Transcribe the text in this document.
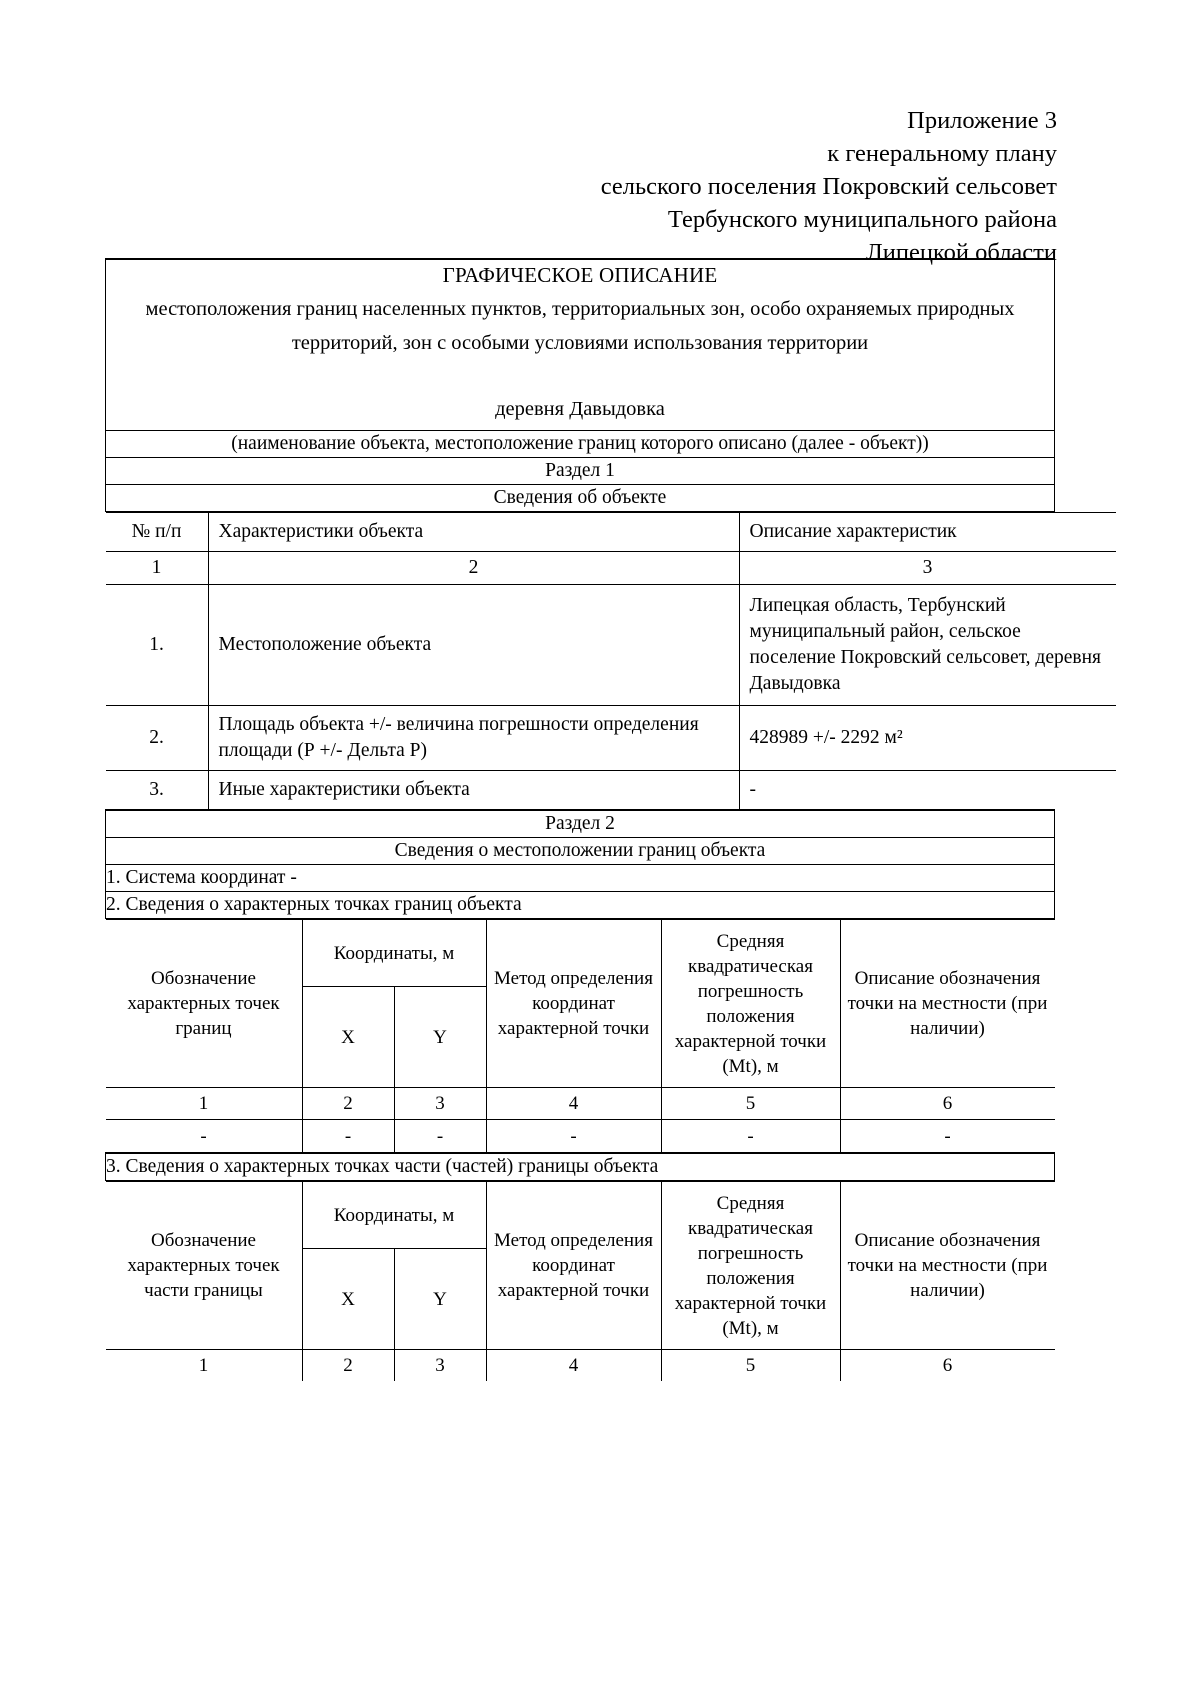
Приложение 3
к генеральному плану
сельского поселения Покровский сельсовет
Тербунского муниципального района
Липецкой области
ГРАФИЧЕСКОЕ ОПИСАНИЕ
местоположения границ населенных пунктов, территориальных зон, особо охраняемых природных
территорий, зон с особыми условиями использования территории
деревня Давыдовка

(наименование объекта, местоположение границ которого описано (далее - объект))
Раздел 1
Сведения об объекте

№ п/п	Характеристики объекта	Описание характеристик
1	2	3
1.	Местоположение объекта	Липецкая область, Тербунский муниципальный район, сельское поселение Покровский сельсовет, деревня Давыдовка
2.	Площадь объекта +/- величина погрешности определения площади (Р +/- Дельта Р)	428989 +/- 2292 м²
3.	Иные характеристики объекта	-

Раздел 2
Сведения о местоположении границ объекта
1. Система координат -
2. Сведения о характерных точках границ объекта

Обозначение характерных точек границ	Координаты, м	Метод определения координат характерной точки	Средняя квадратическая погрешность положения характерной точки (Mt), м	Описание обозначения точки на местности (при наличии)
X	Y
1	2	3	4	5	6
-	-	-	-	-	-

3. Сведения о характерных точках части (частей) границы объекта

Обозначение характерных точек части границы	Координаты, м	Метод определения координат характерной точки	Средняя квадратическая погрешность положения характерной точки (Mt), м	Описание обозначения точки на местности (при наличии)
X	Y
1	2	3	4	5	6
